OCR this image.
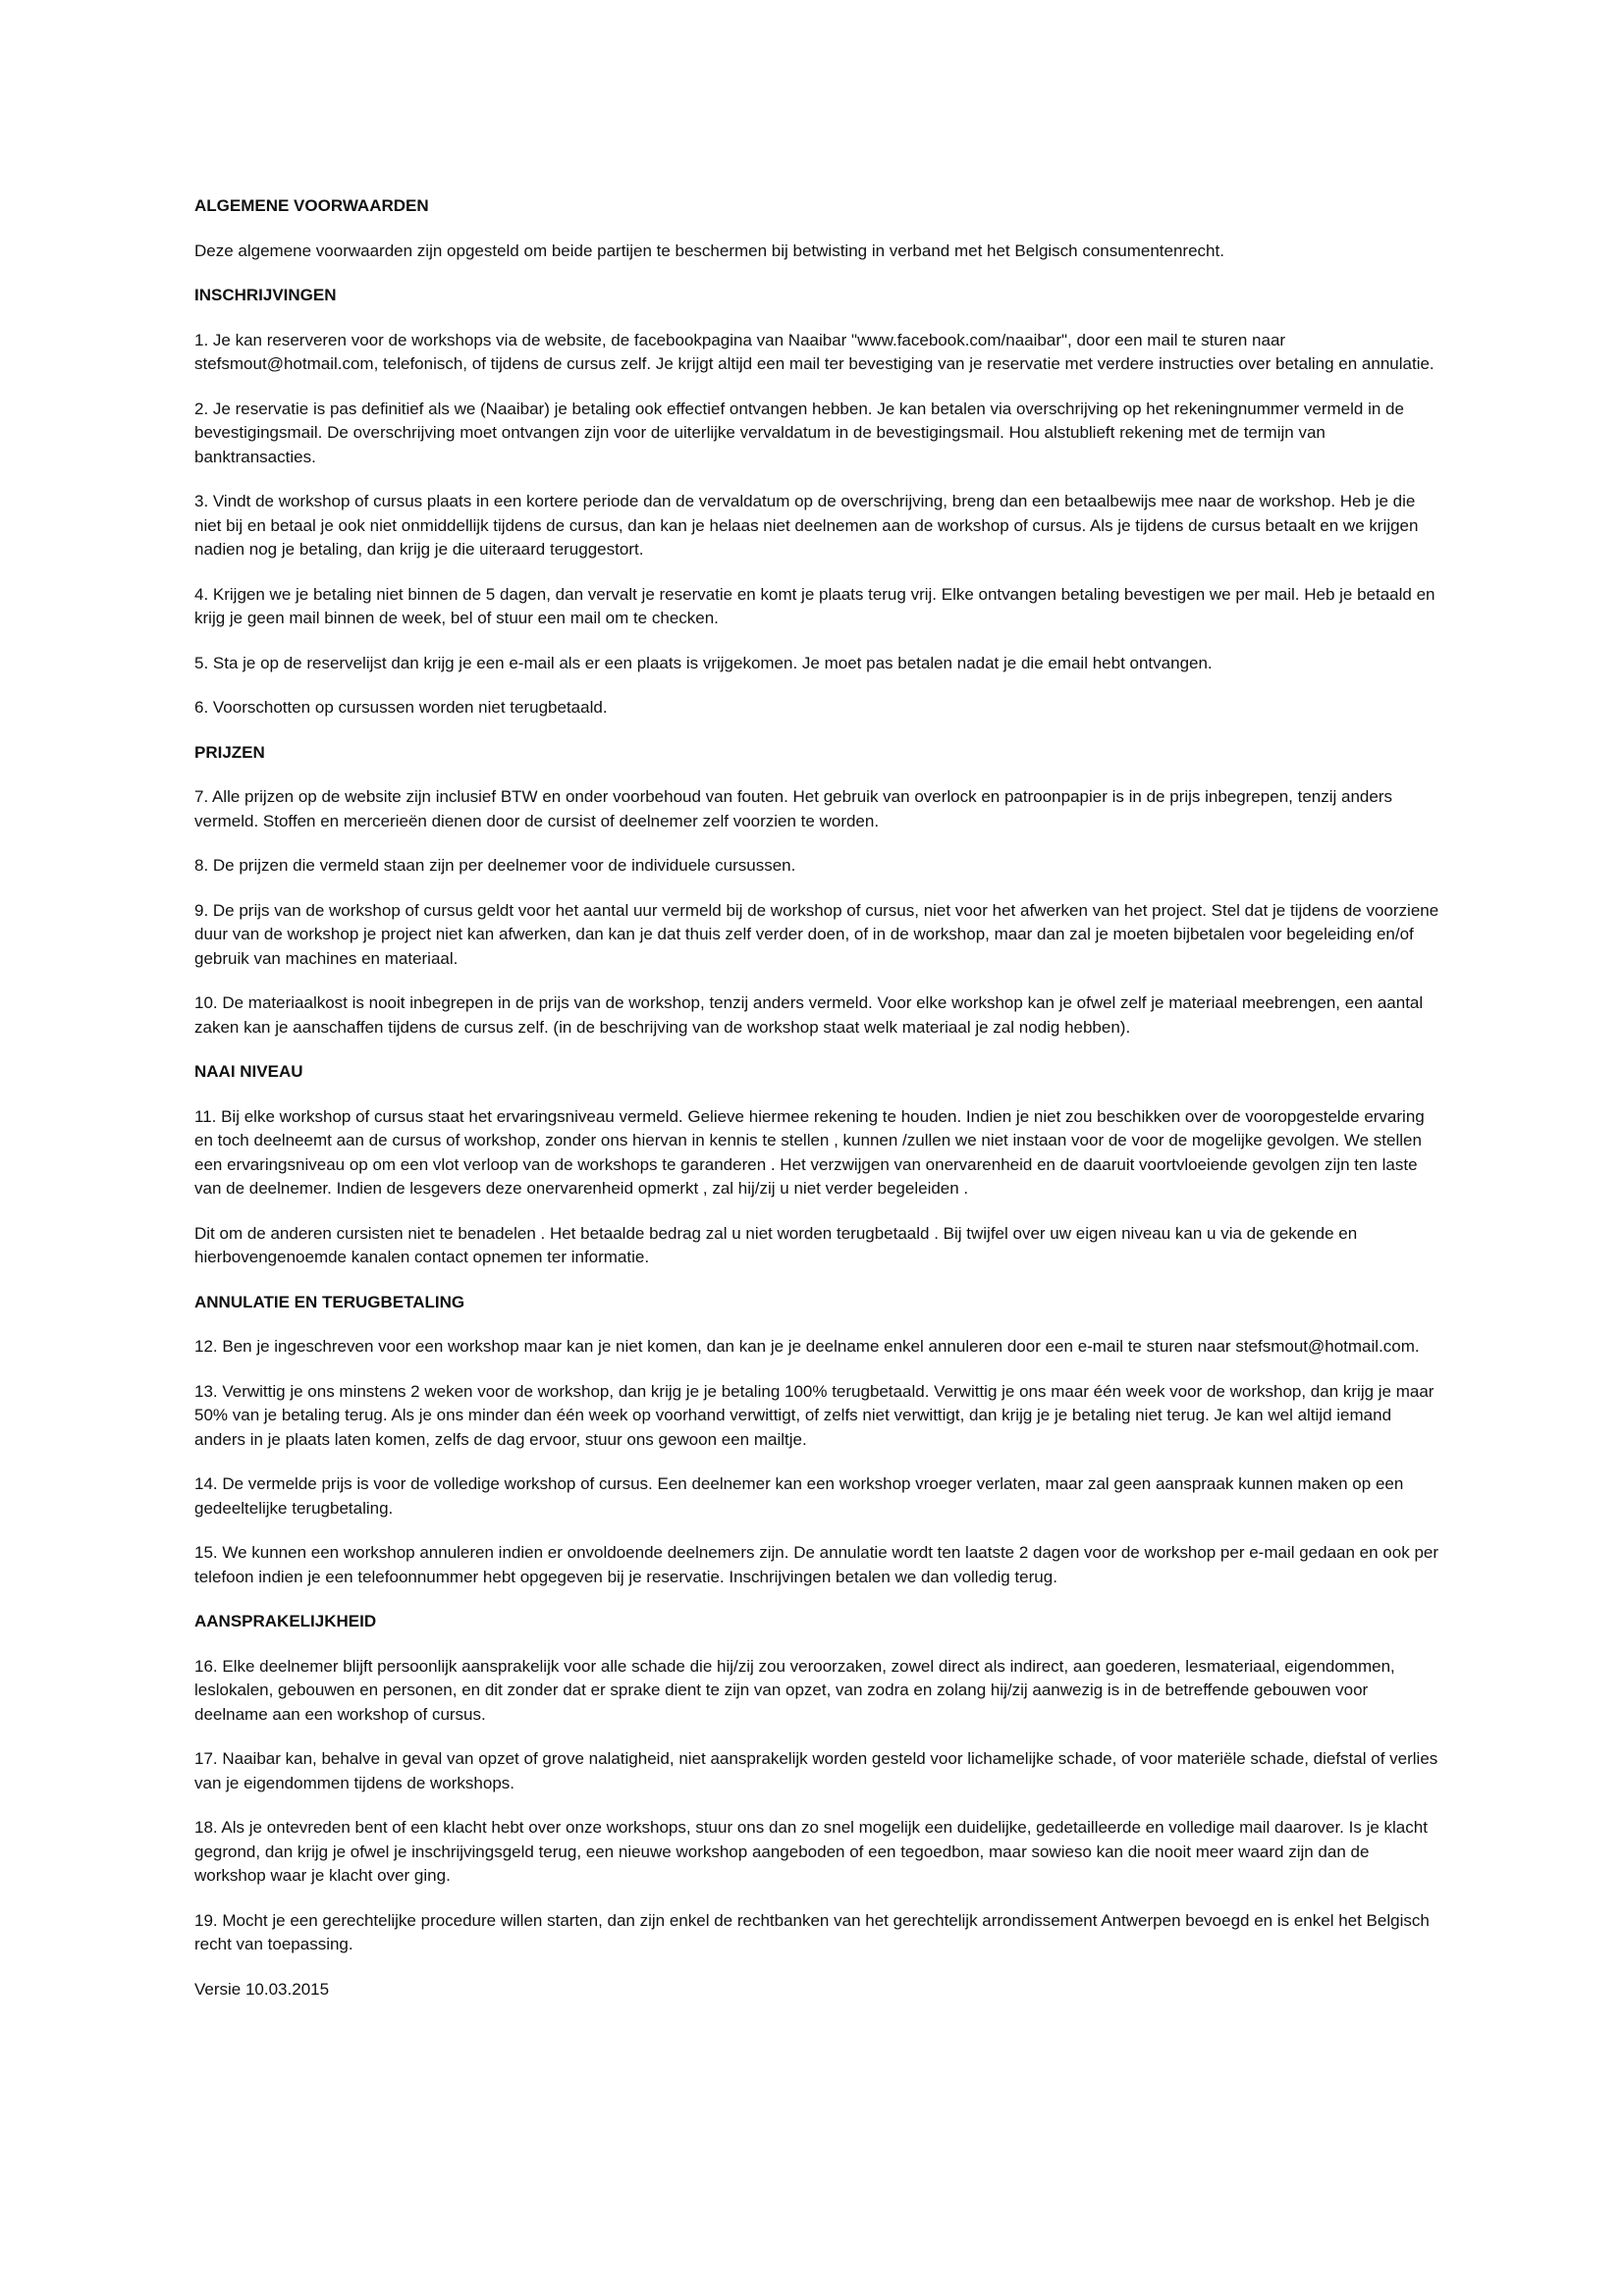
ALGEMENE VOORWAARDEN

Deze algemene voorwaarden zijn opgesteld om beide partijen te beschermen bij betwisting in verband met het Belgisch consumentenrecht.

INSCHRIJVINGEN

1. Je kan reserveren voor de workshops via de website, de facebookpagina van Naaibar "www.facebook.com/naaibar", door een mail te sturen naar stefsmout@hotmail.com, telefonisch, of tijdens de cursus zelf. Je krijgt altijd een mail ter bevestiging van je reservatie met verdere instructies over betaling en annulatie.

2. Je reservatie is pas definitief als we (Naaibar) je betaling ook effectief ontvangen hebben. Je kan betalen via overschrijving op het rekeningnummer vermeld in de bevestigingsmail. De overschrijving moet ontvangen zijn voor de uiterlijke vervaldatum in de bevestigingsmail. Hou alstublieft rekening met de termijn van banktransacties.

3. Vindt de workshop of cursus plaats in een kortere periode dan de vervaldatum op de overschrijving, breng dan een betaalbewijs mee naar de workshop. Heb je die niet bij en betaal je ook niet onmiddellijk tijdens de cursus, dan kan je helaas niet deelnemen aan de workshop of cursus. Als je tijdens de cursus betaalt en we krijgen nadien nog je betaling, dan krijg je die uiteraard teruggestort.

4. Krijgen we je betaling niet binnen de 5 dagen, dan vervalt je reservatie en komt je plaats terug vrij. Elke ontvangen betaling bevestigen we per mail. Heb je betaald en krijg je geen mail binnen de week, bel of stuur een mail om te checken.

5. Sta je op de reservelijst dan krijg je een e-mail als er een plaats is vrijgekomen. Je moet pas betalen nadat je die email hebt ontvangen.

6. Voorschotten op cursussen worden niet terugbetaald.

PRIJZEN

7. Alle prijzen op de website zijn inclusief BTW en onder voorbehoud van fouten. Het gebruik van overlock en patroonpapier is in de prijs inbegrepen, tenzij anders vermeld. Stoffen en mercerieën dienen door de cursist of deelnemer zelf voorzien te worden.

8. De prijzen die vermeld staan zijn per deelnemer voor de individuele cursussen.

9. De prijs van de workshop of cursus geldt voor het aantal uur vermeld bij de workshop of cursus, niet voor het afwerken van het project. Stel dat je tijdens de voorziene duur van de workshop je project niet kan afwerken, dan kan je dat thuis zelf verder doen, of in de workshop, maar dan zal je moeten bijbetalen voor begeleiding en/of gebruik van machines en materiaal.

10. De materiaalkost is nooit inbegrepen in de prijs van de workshop, tenzij anders vermeld. Voor elke workshop kan je ofwel zelf je materiaal meebrengen, een aantal zaken kan je aanschaffen tijdens de cursus zelf. (in de beschrijving van de workshop staat welk materiaal je zal nodig hebben).

NAAI NIVEAU

11. Bij elke workshop of cursus staat het ervaringsniveau vermeld. Gelieve hiermee rekening te houden. Indien je niet zou beschikken over de vooropgestelde ervaring en toch deelneemt aan de cursus of workshop, zonder ons hiervan in kennis te stellen , kunnen /zullen we niet instaan voor de voor de mogelijke gevolgen. We stellen een ervaringsniveau op om een vlot verloop van de workshops te garanderen . Het verzwijgen van onervarenheid en de daaruit voortvloeiende gevolgen zijn ten laste van de deelnemer. Indien de lesgevers deze onervarenheid opmerkt , zal hij/zij u niet verder begeleiden .

Dit om de anderen cursisten niet te benadelen . Het betaalde bedrag zal u niet worden terugbetaald . Bij twijfel over uw eigen niveau kan u via de gekende en hierbovengenoemde kanalen contact opnemen ter informatie.

ANNULATIE EN TERUGBETALING

12. Ben je ingeschreven voor een workshop maar kan je niet komen, dan kan je je deelname enkel annuleren door een e-mail te sturen naar stefsmout@hotmail.com.

13. Verwittig je ons minstens 2 weken voor de workshop, dan krijg je je betaling 100% terugbetaald. Verwittig je ons maar één week voor de workshop, dan krijg je maar 50% van je betaling terug. Als je ons minder dan één week op voorhand verwittigt, of zelfs niet verwittigt, dan krijg je je betaling niet terug. Je kan wel altijd iemand anders in je plaats laten komen, zelfs de dag ervoor, stuur ons gewoon een mailtje.

14. De vermelde prijs is voor de volledige workshop of cursus. Een deelnemer kan een workshop vroeger verlaten, maar zal geen aanspraak kunnen maken op een gedeeltelijke terugbetaling.

15. We kunnen een workshop annuleren indien er onvoldoende deelnemers zijn. De annulatie wordt ten laatste 2 dagen voor de workshop per e-mail gedaan en ook per telefoon indien je een telefoonnummer hebt opgegeven bij je reservatie. Inschrijvingen betalen we dan volledig terug.

AANSPRAKELIJKHEID

16. Elke deelnemer blijft persoonlijk aansprakelijk voor alle schade die hij/zij zou veroorzaken, zowel direct als indirect, aan goederen, lesmateriaal, eigendommen, leslokalen, gebouwen en personen, en dit zonder dat er sprake dient te zijn van opzet, van zodra en zolang hij/zij aanwezig is in de betreffende gebouwen voor deelname aan een workshop of cursus.

17. Naaibar kan, behalve in geval van opzet of grove nalatigheid, niet aansprakelijk worden gesteld voor lichamelijke schade, of voor materiële schade, diefstal of verlies van je eigendommen tijdens de workshops.

18. Als je ontevreden bent of een klacht hebt over onze workshops, stuur ons dan zo snel mogelijk een duidelijke, gedetailleerde en volledige mail daarover. Is je klacht gegrond, dan krijg je ofwel je inschrijvingsgeld terug, een nieuwe workshop aangeboden of een tegoedbon, maar sowieso kan die nooit meer waard zijn dan de workshop waar je klacht over ging.

19. Mocht je een gerechtelijke procedure willen starten, dan zijn enkel de rechtbanken van het gerechtelijk arrondissement Antwerpen bevoegd en is enkel het Belgisch recht van toepassing.

Versie 10.03.2015
